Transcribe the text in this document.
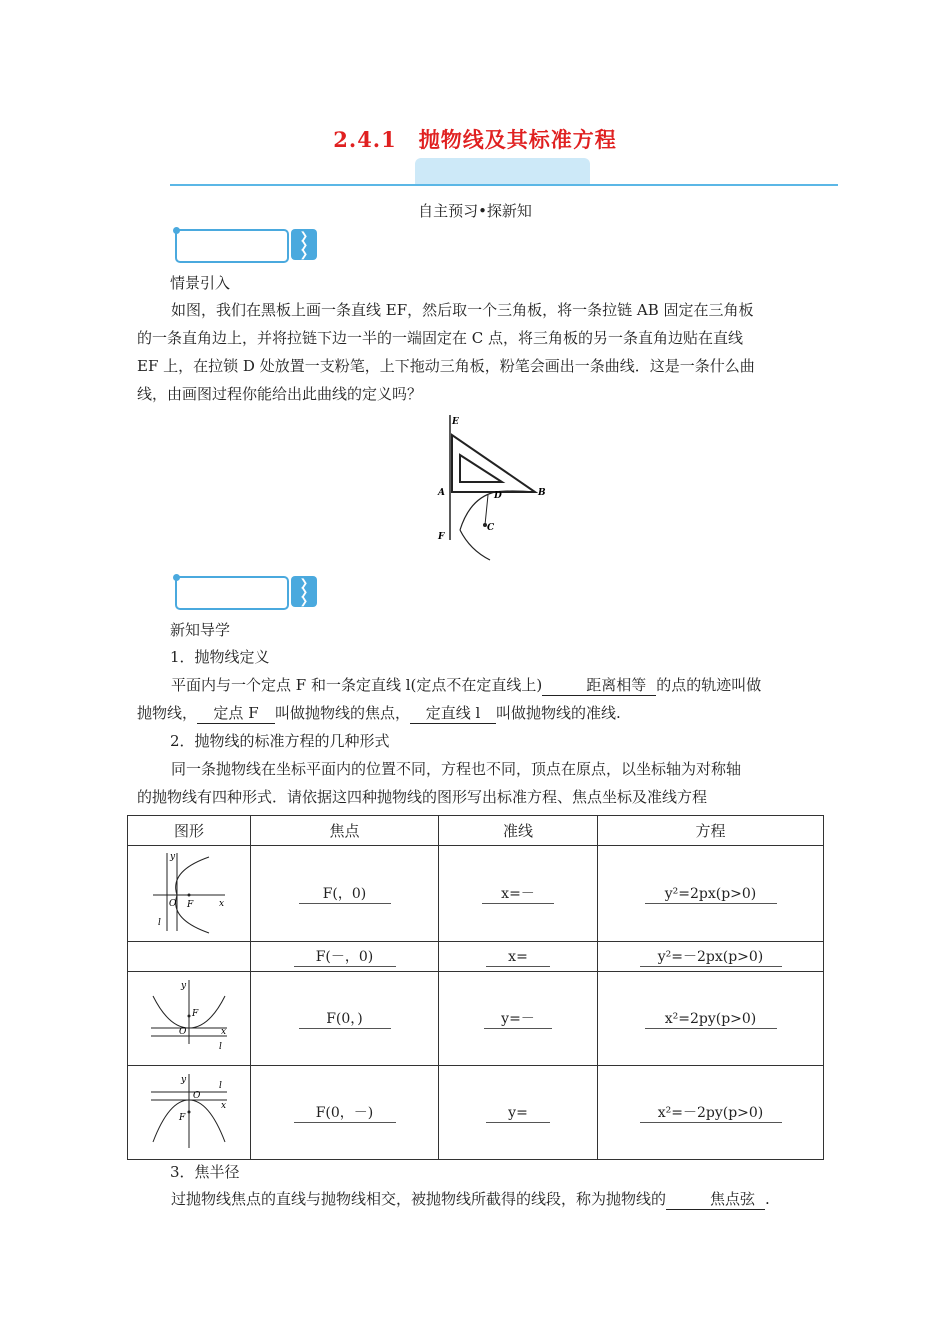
2.4.1　抛物线及其标准方程
自主预习•探新知
❯
❯
❯
情景引入
如图，我们在黑板上画一条直线 EF，然后取一个三角板，将一条拉链 AB 固定在三角板
的一条直角边上，并将拉链下边一半的一端固定在 C 点，将三角板的另一条直角边贴在直线
EF 上，在拉锁 D 处放置一支粉笔，上下拖动三角板，粉笔会画出一条曲线．这是一条什么曲
线，由画图过程你能给出此曲线的定义吗？
E
A	B
D
C
F
❯
❯
❯
新知导学
1．抛物线定义
平面内与一个定点 F 和一条定直线 l(定点不在定直线上)	距离相等 的点的轨迹叫做
抛物线， 定点 F 叫做抛物线的焦点， 定直线 l 叫做抛物线的准线.
2．抛物线的标准方程的几种形式
同一条抛物线在坐标平面内的位置不同，方程也不同，顶点在原点，以坐标轴为对称轴
的抛物线有四种形式．请依据这四种抛物线的图形写出标准方程、焦点坐标及准线方程
图形	焦点	准线	方程

y
x
O F
l	F(，0)	x=－	y²=2px(p>0)
	F(－，0)	x=	y²=－2px(p>0)

y
F
O x
l	F(0，)	y=－	x²=2py(p>0)

y
l
O
x
F	F(0，－)	y=	x²=－2py(p>0)
3．焦半径
过抛物线焦点的直线与抛物线相交，被抛物线所截得的线段，称为抛物线的	焦点弦 .
